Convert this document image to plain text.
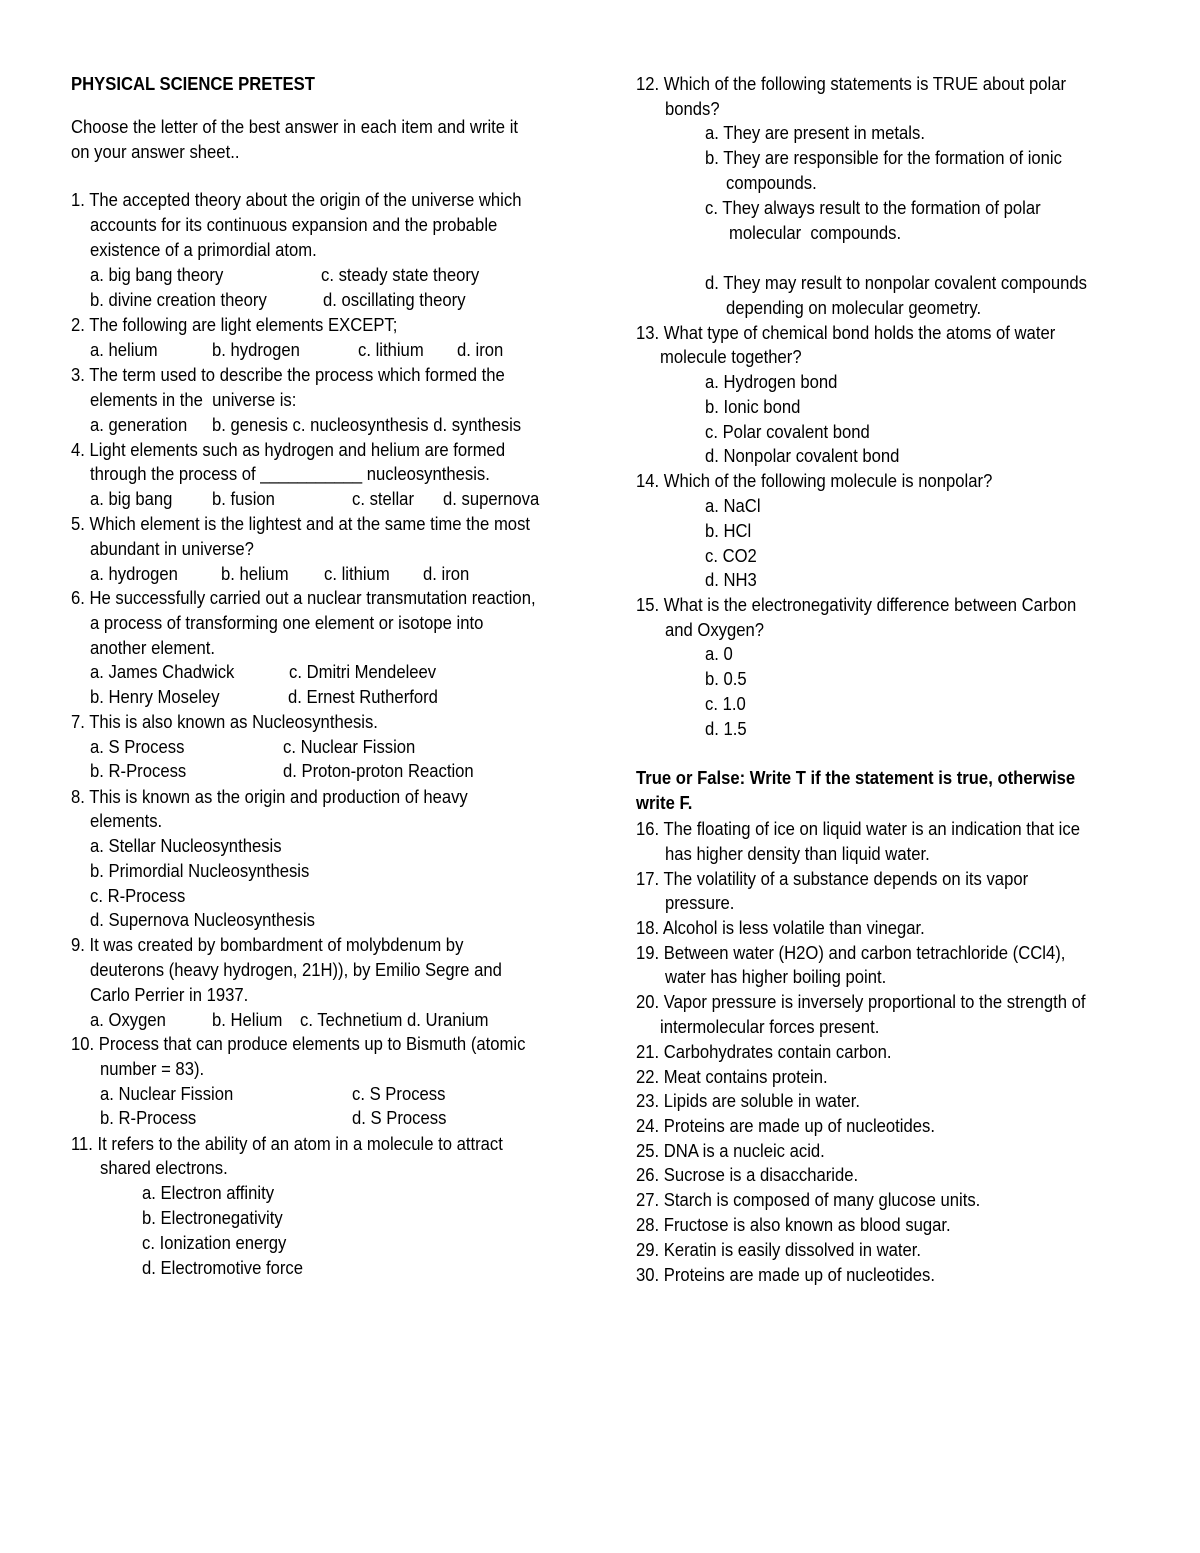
PHYSICAL SCIENCE PRETEST
Choose the letter of the best answer in each item and write it
on your answer sheet..
1. The accepted theory about the origin of the universe which
accounts for its continuous expansion and the probable
existence of a primordial atom.
a. big bang theory	c. steady state theory
b. divine creation theory	d. oscillating theory
2. The following are light elements EXCEPT;
a. helium	b. hydrogen	c. lithium d. iron
3. The term used to describe the process which formed the
elements in the  universe is:
a. generation b. genesis c. nucleosynthesis d. synthesis
4. Light elements such as hydrogen and helium are formed
through the process of ___________ nucleosynthesis.
a. big bang b. fusion	c. stellar d. supernova
5. Which element is the lightest and at the same time the most
abundant in universe?
a. hydrogen b. helium c. lithium d. iron
6. He successfully carried out a nuclear transmutation reaction,
a process of transforming one element or isotope into
another element.
a. James Chadwick	c. Dmitri Mendeleev
b. Henry Moseley	d. Ernest Rutherford
7. This is also known as Nucleosynthesis.
a. S Process	c. Nuclear Fission
b. R-Process	d. Proton-proton Reaction
8. This is known as the origin and production of heavy
elements.
a. Stellar Nucleosynthesis
b. Primordial Nucleosynthesis
c. R-Process
d. Supernova Nucleosynthesis
9. It was created by bombardment of molybdenum by
deuterons (heavy hydrogen, 21H)), by Emilio Segre and
Carlo Perrier in 1937.
a. Oxygen b. Helium c. Technetium d. Uranium
10. Process that can produce elements up to Bismuth (atomic
number = 83).
a. Nuclear Fission	c. S Process
b. R-Process	d. S Process
11. It refers to the ability of an atom in a molecule to attract
shared electrons.
a. Electron affinity
b. Electronegativity
c. Ionization energy
d. Electromotive force
12. Which of the following statements is TRUE about polar
bonds?
a. They are present in metals.
b. They are responsible for the formation of ionic
compounds.
c. They always result to the formation of polar
molecular  compounds.
d. They may result to nonpolar covalent compounds
depending on molecular geometry.
13. What type of chemical bond holds the atoms of water
molecule together?
a. Hydrogen bond
b. Ionic bond
c. Polar covalent bond
d. Nonpolar covalent bond
14. Which of the following molecule is nonpolar?
a. NaCl
b. HCl
c. CO2
d. NH3
15. What is the electronegativity difference between Carbon
and Oxygen?
a. 0
b. 0.5
c. 1.0
d. 1.5
True or False: Write T if the statement is true, otherwise
write F.
16. The floating of ice on liquid water is an indication that ice
has higher density than liquid water.
17. The volatility of a substance depends on its vapor
pressure.
18. Alcohol is less volatile than vinegar.
19. Between water (H2O) and carbon tetrachloride (CCl4),
water has higher boiling point.
20. Vapor pressure is inversely proportional to the strength of
intermolecular forces present.
21. Carbohydrates contain carbon.
22. Meat contains protein.
23. Lipids are soluble in water.
24. Proteins are made up of nucleotides.
25. DNA is a nucleic acid.
26. Sucrose is a disaccharide.
27. Starch is composed of many glucose units.
28. Fructose is also known as blood sugar.
29. Keratin is easily dissolved in water.
30. Proteins are made up of nucleotides.
